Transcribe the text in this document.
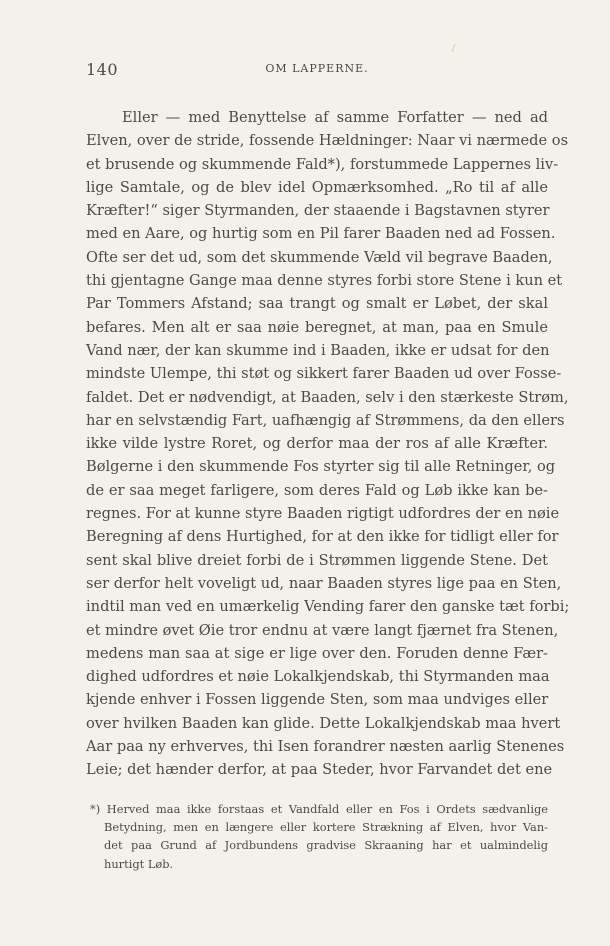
140	OM LAPPERNE.

Eller — med Benyttelse af samme Forfatter — ned ad
Elven, over de stride, fossende Hældninger: Naar vi nærmede os
et brusende og skummende Fald*), forstummede Lappernes liv-
lige Samtale, og de blev idel Opmærksomhed. „Ro til af alle
Kræfter!“ siger Styrmanden, der staaende i Bagstavnen styrer
med en Aare, og hurtig som en Pil farer Baaden ned ad Fossen.
Ofte ser det ud, som det skummende Væld vil begrave Baaden,
thi gjentagne Gange maa denne styres forbi store Stene i kun et
Par Tommers Afstand; saa trangt og smalt er Løbet, der skal
befares. Men alt er saa nøie beregnet, at man, paa en Smule
Vand nær, der kan skumme ind i Baaden, ikke er udsat for den
mindste Ulempe, thi støt og sikkert farer Baaden ud over Fosse-
faldet. Det er nødvendigt, at Baaden, selv i den stærkeste Strøm,
har en selvstændig Fart, uafhængig af Strømmens, da den ellers
ikke vilde lystre Roret, og derfor maa der ros af alle Kræfter.
Bølgerne i den skummende Fos styrter sig til alle Retninger, og
de er saa meget farligere, som deres Fald og Løb ikke kan be-
regnes. For at kunne styre Baaden rigtigt udfordres der en nøie
Beregning af dens Hurtighed, for at den ikke for tidligt eller for
sent skal blive dreiet forbi de i Strømmen liggende Stene. Det
ser derfor helt voveligt ud, naar Baaden styres lige paa en Sten,
indtil man ved en umærkelig Vending farer den ganske tæt forbi;
et mindre øvet Øie tror endnu at være langt fjærnet fra Stenen,
medens man saa at sige er lige over den. Foruden denne Fær-
dighed udfordres et nøie Lokalkjendskab, thi Styrmanden maa
kjende enhver i Fossen liggende Sten, som maa undviges eller
over hvilken Baaden kan glide. Dette Lokalkjendskab maa hvert
Aar paa ny erhverves, thi Isen forandrer næsten aarlig Stenenes
Leie; det hænder derfor, at paa Steder, hvor Farvandet det ene

*) Herved maa ikke forstaas et Vandfald eller en Fos i Ordets sædvanlige
Betydning, men en længere eller kortere Strækning af Elven, hvor Van-
det paa Grund af Jordbundens gradvise Skraaning har et ualmindelig
hurtigt Løb.
